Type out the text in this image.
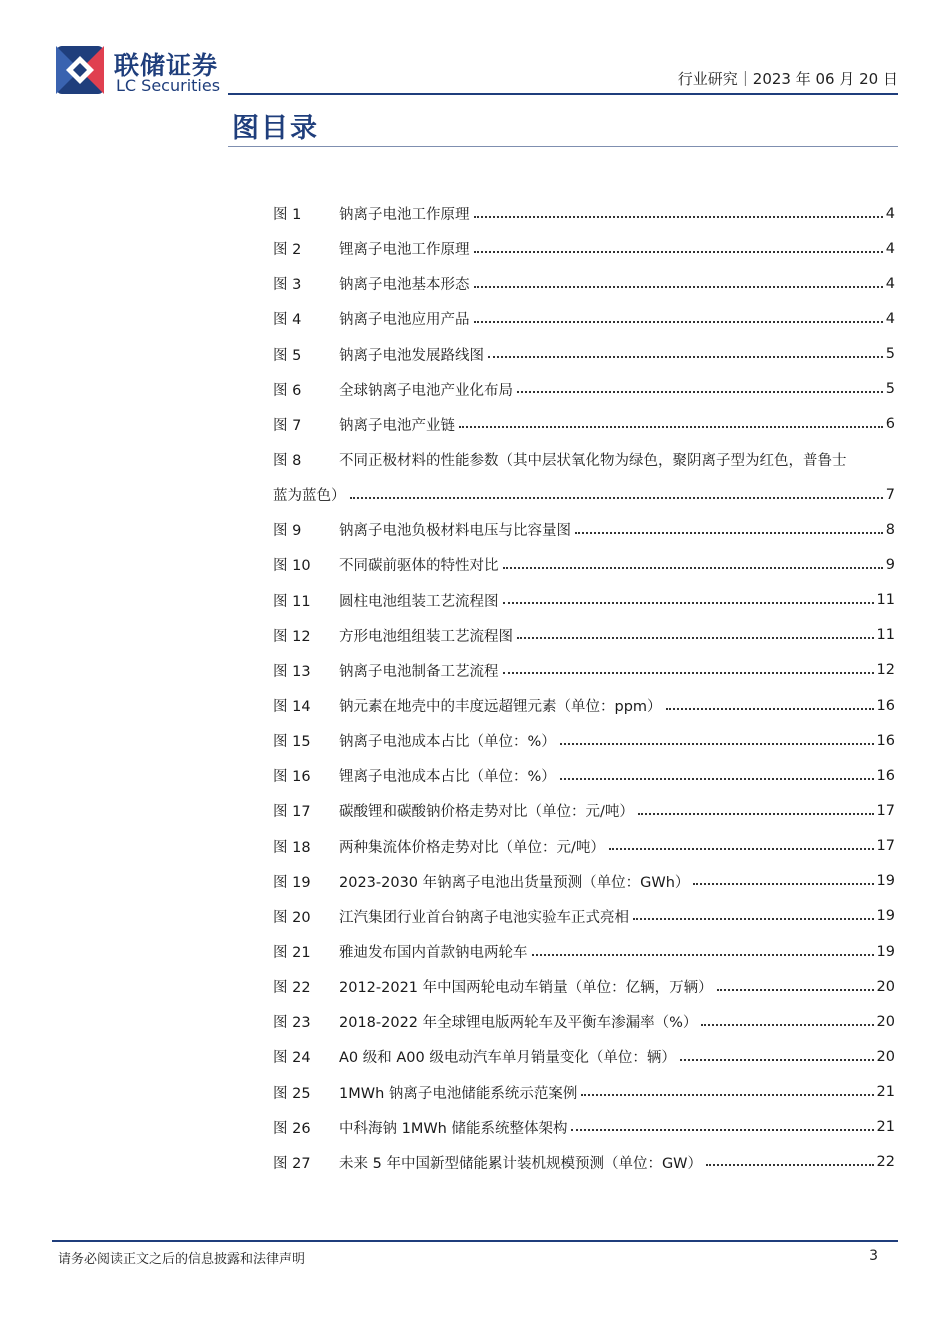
联储证券
LC Securities	行业研究｜2023 年 06 月 20 日
图目录
图 1	钠离子电池工作原理	4
图 2	锂离子电池工作原理	4
图 3	钠离子电池基本形态	4
图 4	钠离子电池应用产品	4
图 5	钠离子电池发展路线图	5
图 6	全球钠离子电池产业化布局	5
图 7	钠离子电池产业链	6
图 8	不同正极材料的性能参数（其中层状氧化物为绿色，聚阴离子型为红色，普鲁士
蓝为蓝色）	7
图 9	钠离子电池负极材料电压与比容量图	8
图 10	不同碳前驱体的特性对比	9
图 11	圆柱电池组装工艺流程图	11
图 12	方形电池组组装工艺流程图	11
图 13	钠离子电池制备工艺流程	12
图 14	钠元素在地壳中的丰度远超锂元素（单位：ppm）	16
图 15	钠离子电池成本占比（单位：%）	16
图 16	锂离子电池成本占比（单位：%）	16
图 17	碳酸锂和碳酸钠价格走势对比（单位：元/吨）	17
图 18	两种集流体价格走势对比（单位：元/吨）	17
图 19	2023-2030 年钠离子电池出货量预测（单位：GWh）	19
图 20	江汽集团行业首台钠离子电池实验车正式亮相	19
图 21	雅迪发布国内首款钠电两轮车	19
图 22	2012-2021 年中国两轮电动车销量（单位：亿辆，万辆）	20
图 23	2018-2022 年全球锂电版两轮车及平衡车渗漏率（%）	20
图 24	A0 级和 A00 级电动汽车单月销量变化（单位：辆）	20
图 25	1MWh 钠离子电池储能系统示范案例	21
图 26	中科海钠 1MWh 储能系统整体架构	21
图 27	未来 5 年中国新型储能累计装机规模预测（单位：GW）	22
请务必阅读正文之后的信息披露和法律声明	3
